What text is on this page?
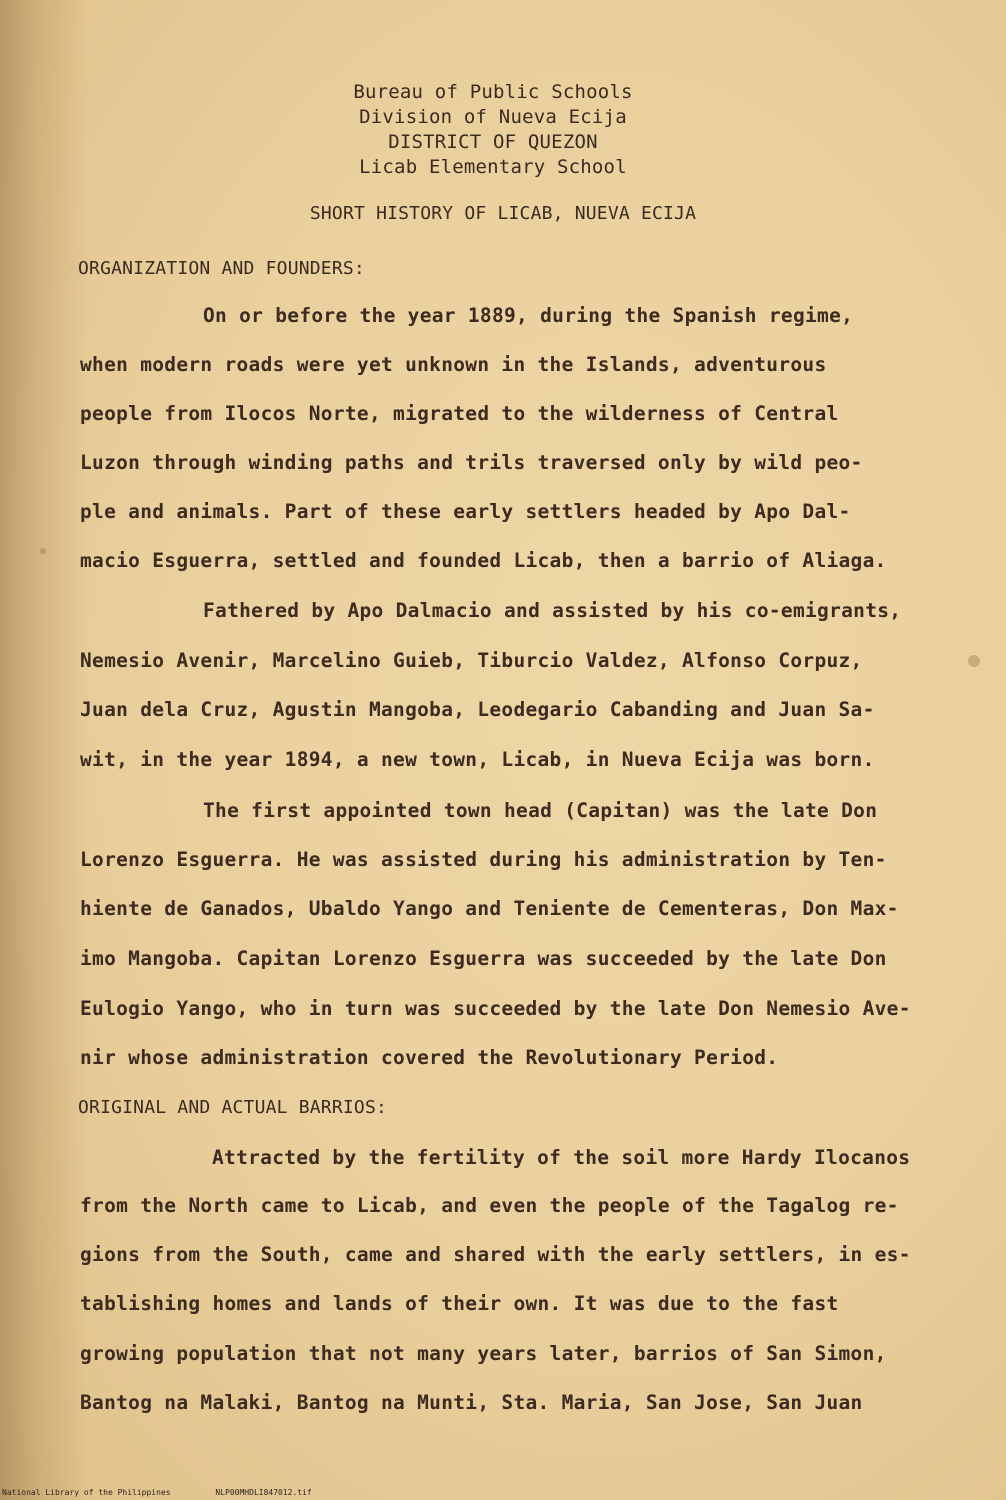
Bureau of Public Schools
Division of Nueva Ecija
DISTRICT OF QUEZON
Licab Elementary School
SHORT HISTORY OF LICAB, NUEVA ECIJA
ORGANIZATION AND FOUNDERS:
On or before the year 1889, during the Spanish regime,
when modern roads were yet unknown in the Islands, adventurous
people from Ilocos Norte, migrated to the wilderness of Central
Luzon through winding paths and trils traversed only by wild peo-
ple and animals. Part of these early settlers headed by Apo Dal-
macio Esguerra, settled and founded Licab, then a barrio of Aliaga.
Fathered by Apo Dalmacio and assisted by his co-emigrants,
Nemesio Avenir, Marcelino Guieb, Tiburcio Valdez, Alfonso Corpuz,
Juan dela Cruz, Agustin Mangoba, Leodegario Cabanding and Juan Sa-
wit, in the year 1894, a new town, Licab, in Nueva Ecija was born.
The first appointed town head (Capitan) was the late Don
Lorenzo Esguerra. He was assisted during his administration by Ten-
hiente de Ganados, Ubaldo Yango and Teniente de Cementeras, Don Max-
imo Mangoba. Capitan Lorenzo Esguerra was succeeded by the late Don
Eulogio Yango, who in turn was succeeded by the late Don Nemesio Ave-
nir whose administration covered the Revolutionary Period.
ORIGINAL AND ACTUAL BARRIOS:
Attracted by the fertility of the soil more Hardy Ilocanos
from the North came to Licab, and even the people of the Tagalog re-
gions from the South, came and shared with the early settlers, in es-
tablishing homes and lands of their own. It was due to the fast
growing population that not many years later, barrios of San Simon,
Bantog na Malaki, Bantog na Munti, Sta. Maria, San Jose, San Juan
National Library of the Philippines	NLP00MHDLI847012.tif
